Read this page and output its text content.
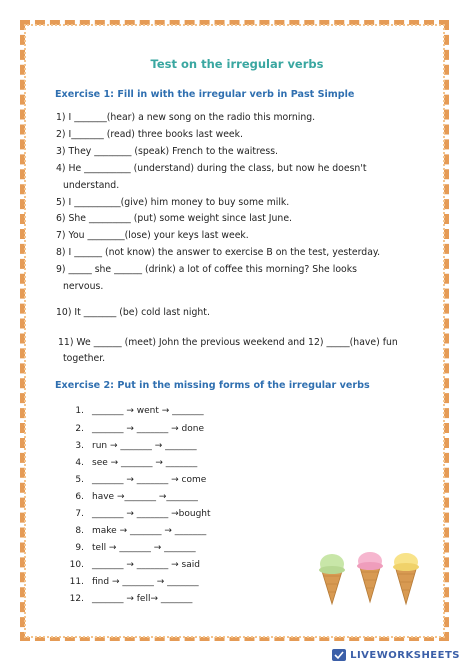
Test on the irregular verbs
Exercise 1: Fill in with the irregular verb in Past Simple
1) I _______(hear) a new song on the radio this morning.
2) I_______ (read) three books last week.
3) They ________ (speak) French to the waitress.
4) He __________ (understand) during the class, but now he doesn't
understand.
5) I __________(give) him money to buy some milk.
6) She _________ (put) some weight since last June.
7) You ________(lose) your keys last week.
8) I ______ (not know) the answer to exercise B on the test, yesterday.
9) _____ she ______ (drink) a lot of coffee this morning? She looks
nervous.
10) It _______ (be) cold last night.
11) We ______ (meet) John the previous weekend and 12) _____(have) fun
together.
Exercise 2: Put in the missing forms of the irregular verbs
1. _______ → went → _______
2. _______ → _______ → done
3. run → _______ → _______
4. see → _______ → _______
5. _______ → _______ → come
6. have →_______ →_______
7. _______ → _______ →bought
8. make → _______ → _______
9. tell → _______ → _______
10. _______ → _______ → said
11. find → _______ → _______
12. _______ → fell→ _______
LIVEWORKSHEETS
